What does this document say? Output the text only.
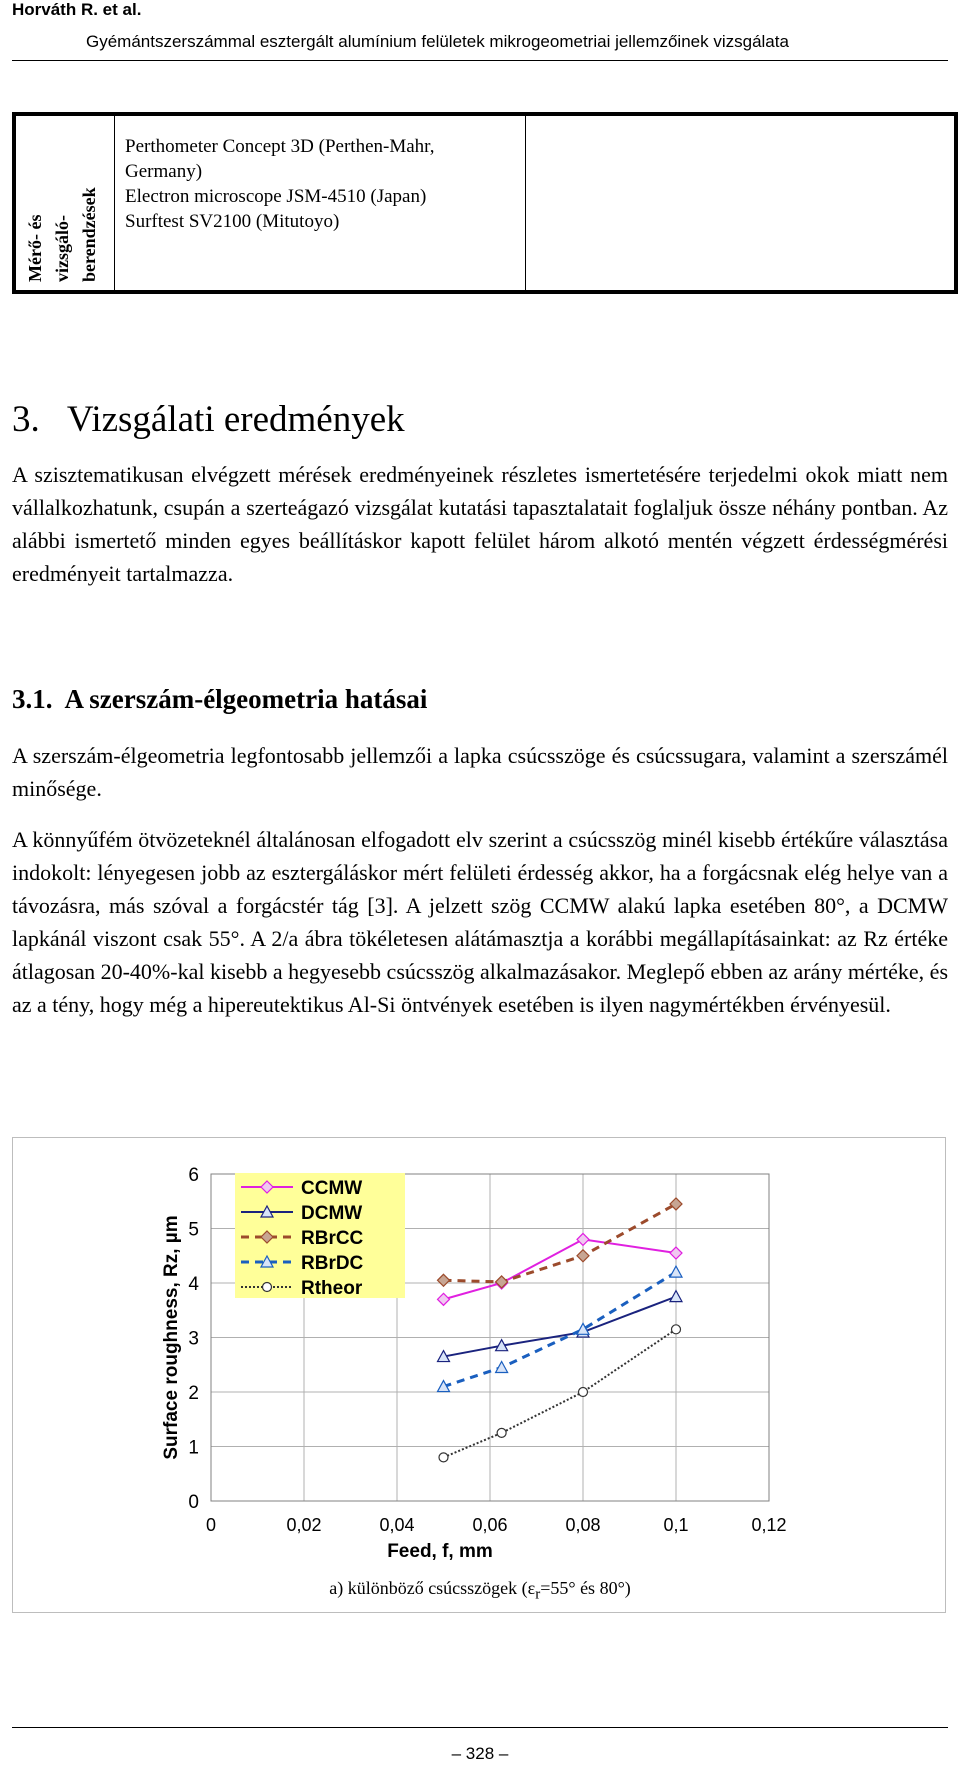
Horváth R. et al.
Gyémántszerszámmal esztergált alumínium felületek mikrogeometriai jellemzőinek vizsgálata
Mérő- és vizsgáló- berendzések

Perthometer Concept 3D (Perthen-Mahr,
Germany)
Electron microscope JSM-4510 (Japan)
Surftest SV2100 (Mitutoyo)

3.   Vizsgálati eredmények
A szisztematikusan elvégzett mérések eredményeinek részletes ismertetésére terjedelmi okok miatt nem vállalkozhatunk, csupán a szerteágazó vizsgálat kutatási tapasztalatait foglaljuk össze néhány pontban. Az alábbi ismertető minden egyes beállításkor kapott felület három alkotó mentén végzett érdességmérési eredményeit tartalmazza.
3.1.  A szerszám-élgeometria hatásai
A szerszám-élgeometria legfontosabb jellemzői a lapka csúcsszöge és csúcssugara, valamint a szerszámél minősége.
A könnyűfém ötvözeteknél általánosan elfogadott elv szerint a csúcsszög minél kisebb értékűre választása indokolt: lényegesen jobb az esztergáláskor mért felületi érdesség akkor, ha a forgácsnak elég helye van a távozásra, más szóval a forgácstér tág [3]. A jelzett szög CCMW alakú lapka esetében 80°, a DCMW lapkánál viszont csak 55°. A 2/a ábra tökéletesen alátámasztja a korábbi megállapításainkat: az Rz értéke átlagosan 20-40%-kal kisebb a hegyesebb csúcsszög alkalmazásakor. Meglepő ebben az arány mértéke, és az a tény, hogy még a hipereutektikus Al-Si öntvények esetében is ilyen nagymértékben érvényesül.
0	0,02	0,04	0,06	0,08	0,1	0,12
0
1
2
3
4
5
6
Feed, f, mm
Surface roughness, Rz, µm
CCMW
DCMW
RBrCC
RBrDC
Rtheor
a) különböző csúcsszögek ($\varepsilon_r=55^\circ$ és 80°)
– 328 –
